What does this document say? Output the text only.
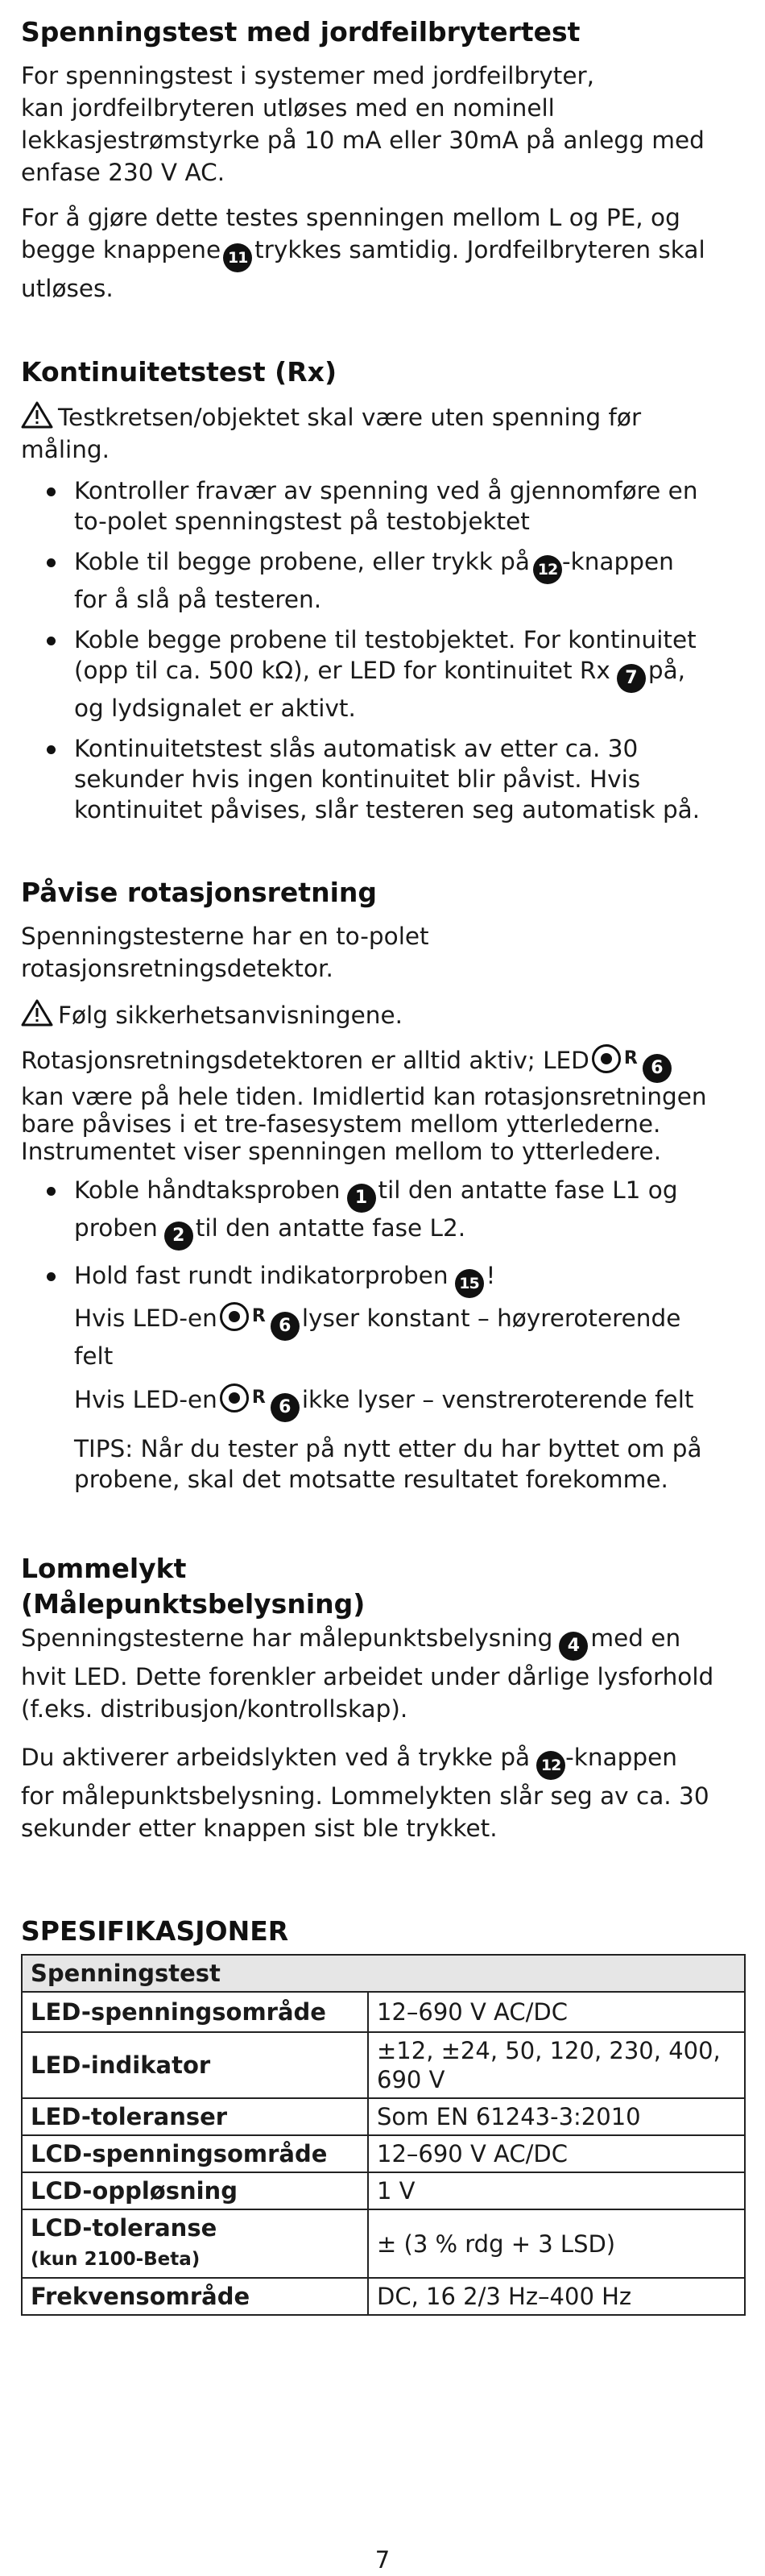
Spenningstest med jordfeilbrytertest

For spenningstest i systemer med jordfeilbryter,

kan jordfeilbryteren utløses med en nominell

lekkasjestrømstyrke på 10 mA eller 30mA på anlegg med

enfase 230 V AC.

For å gjøre dette testes spenningen mellom L og PE, og

begge knappene 11 trykkes samtidig. Jordfeilbryteren skal

utløses.

Kontinuitetstest (Rx)

Testkretsen/objektet skal være uten spenning før

måling.

Kontroller fravær av spenning ved å gjennomføre en
to-polet spenningstest på testobjektet
Koble til begge probene, eller trykk på 12 -knappen
for å slå på testeren.
Koble begge probene til testobjektet. For kontinuitet
(opp til ca. 500 kΩ), er LED for kontinuitet Rx 7 på,
og lydsignalet er aktivt.
Kontinuitetstest slås automatisk av etter ca. 30
sekunder hvis ingen kontinuitet blir påvist. Hvis
kontinuitet påvises, slår testeren seg automatisk på.
Påvise rotasjonsretning

Spenningstesterne har en to-polet

rotasjonsretningsdetektor.

Følg sikkerhetsanvisningene.

Rotasjonsretningsdetektoren er alltid aktiv; LED R 6

kan være på hele tiden. Imidlertid kan rotasjonsretningen

bare påvises i et tre-fasesystem mellom ytterlederne.

Instrumentet viser spenningen mellom to ytterledere.

Koble håndtaksproben 1 til den antatte fase L1 og
proben 2 til den antatte fase L2.
Hold fast rundt indikatorproben 15 !
Hvis LED-en R 6 lyser konstant – høyreroterende
felt
Hvis LED-en R 6 ikke lyser – venstreroterende felt
TIPS: Når du tester på nytt etter du har byttet om på
probene, skal det motsatte resultatet forekomme.
Lommelykt
(Målepunktsbelysning)

Spenningstesterne har målepunktsbelysning 4 med en

hvit LED. Dette forenkler arbeidet under dårlige lysforhold

(f.eks. distribusjon/kontrollskap).

Du aktiverer arbeidslykten ved å trykke på 12 -knappen

for målepunktsbelysning. Lommelykten slår seg av ca. 30

sekunder etter knappen sist ble trykket.

SPESIFIKASJONER
Spenningstest	
LED-spenningsområde	12–690 V AC/DC
LED-indikator	±12, ±24, 50, 120, 230, 400, 690 V
LED-toleranser	Som EN 61243-3:2010
LCD-spenningsområde	12–690 V AC/DC
LCD-oppløsning	1 V
LCD-toleranse
(kun 2100-Beta)	± (3 % rdg + 3 LSD)
Frekvensområde	DC, 16 2/3 Hz–400 Hz
7
